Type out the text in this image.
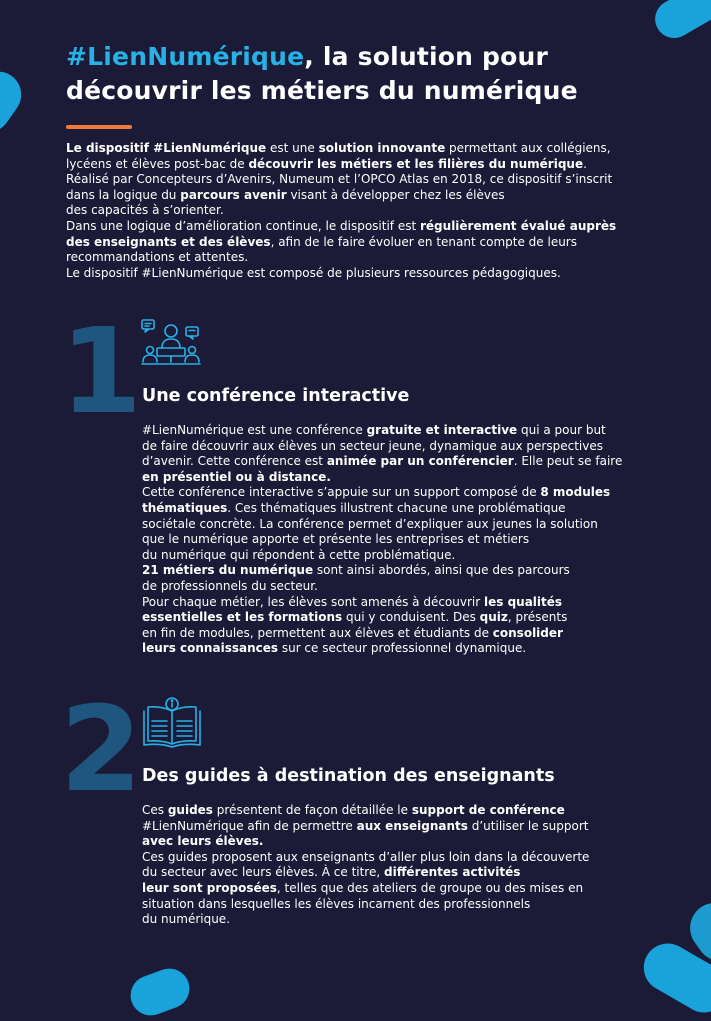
#LienNumérique, la solution pour
découvrir les métiers du numérique

Le dispositif #LienNumérique est une solution innovante permettant aux collégiens,

lycéens et élèves post-bac de découvrir les métiers et les filières du numérique.

Réalisé par Concepteurs d’Avenirs, Numeum et l’OPCO Atlas en 2018, ce dispositif s’inscrit

dans la logique du parcours avenir visant à développer chez les élèves

des capacités à s’orienter.

Dans une logique d’amélioration continue, le dispositif est régulièrement évalué auprès

des enseignants et des élèves, afin de le faire évoluer en tenant compte de leurs

recommandations et attentes.

Le dispositif #LienNumérique est composé de plusieurs ressources pédagogiques.

1 Une conférence interactive

#LienNumérique est une conférence gratuite et interactive qui a pour but

de faire découvrir aux élèves un secteur jeune, dynamique aux perspectives

d’avenir. Cette conférence est animée par un conférencier. Elle peut se faire

en présentiel ou à distance.

Cette conférence interactive s’appuie sur un support composé de 8 modules

thématiques. Ces thématiques illustrent chacune une problématique

sociétale concrète. La conférence permet d’expliquer aux jeunes la solution

que le numérique apporte et présente les entreprises et métiers

du numérique qui répondent à cette problématique.

21 métiers du numérique sont ainsi abordés, ainsi que des parcours

de professionnels du secteur.

Pour chaque métier, les élèves sont amenés à découvrir les qualités

essentielles et les formations qui y conduisent. Des quiz, présents

en fin de modules, permettent aux élèves et étudiants de consolider

leurs connaissances sur ce secteur professionnel dynamique.

2 Des guides à destination des enseignants

Ces guides présentent de façon détaillée le support de conférence

#LienNumérique afin de permettre aux enseignants d’utiliser le support

avec leurs élèves.

Ces guides proposent aux enseignants d’aller plus loin dans la découverte

du secteur avec leurs élèves. À ce titre, différentes activités

leur sont proposées, telles que des ateliers de groupe ou des mises en

situation dans lesquelles les élèves incarnent des professionnels

du numérique.
